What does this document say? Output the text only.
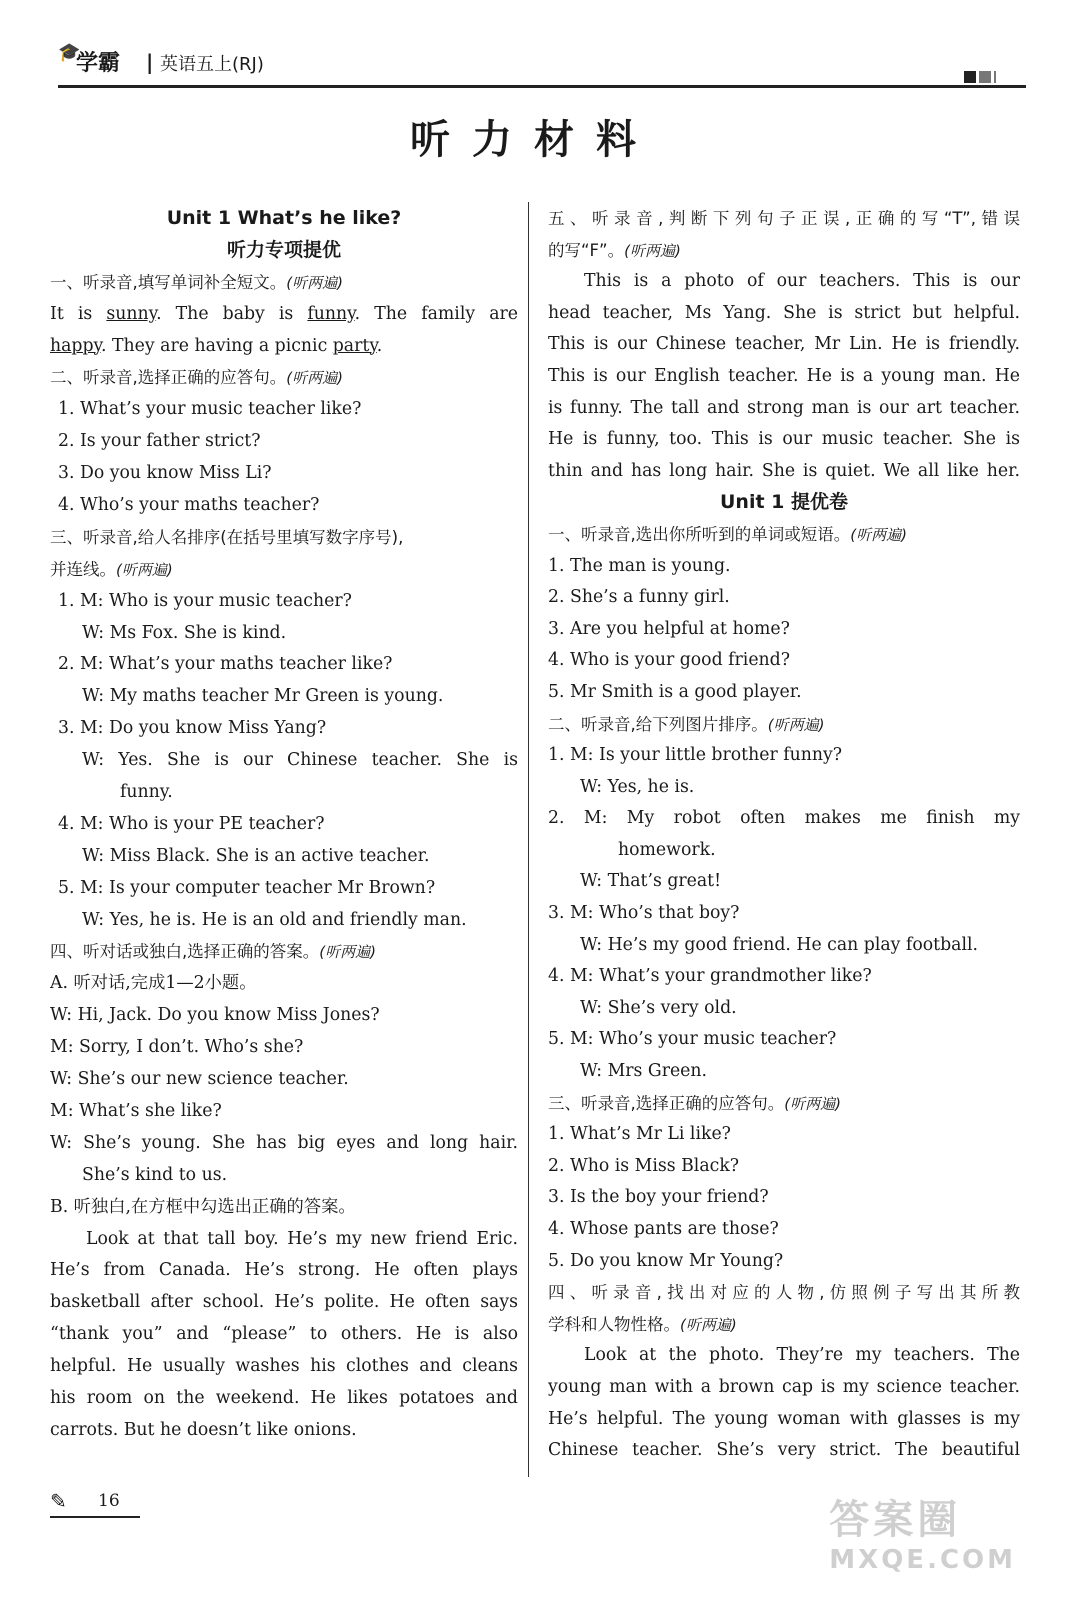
🎓
学霸 | 英语五上(RJ)
听力材料
Unit 1 What’s he like?
听力专项提优
一、听录音,填写单词补全短文。(听两遍)
It is sunny. The baby is funny. The family are
happy. They are having a picnic party.
二、听录音,选择正确的应答句。(听两遍)
1. What’s your music teacher like?
2. Is your father strict?
3. Do you know Miss Li?
4. Who’s your maths teacher?
三、听录音,给人名排序(在括号里填写数字序号),
并连线。(听两遍)
1. M: Who is your music teacher?
W: Ms Fox. She is kind.
2. M: What’s your maths teacher like?
W: My maths teacher Mr Green is young.
3. M: Do you know Miss Yang?
W: Yes. She is our Chinese teacher. She is
funny.
4. M: Who is your PE teacher?
W: Miss Black. She is an active teacher.
5. M: Is your computer teacher Mr Brown?
W: Yes, he is. He is an old and friendly man.
四、听对话或独白,选择正确的答案。(听两遍)
A. 听对话,完成1—2小题。
W: Hi, Jack. Do you know Miss Jones?
M: Sorry, I don’t. Who’s she?
W: She’s our new science teacher.
M: What’s she like?
W: She’s young. She has big eyes and long hair.
She’s kind to us.
B. 听独白,在方框中勾选出正确的答案。
Look at that tall boy. He’s my new friend Eric.
He’s from Canada. He’s strong. He often plays
basketball after school. He’s polite. He often says
“thank you” and “please” to others. He is also
helpful. He usually washes his clothes and cleans
his room on the weekend. He likes potatoes and
carrots. But he doesn’t like onions.
五、听录音,判断下列句子正误,正确的写“T”,错误
的写“F”。(听两遍)
This is a photo of our teachers. This is our
head teacher, Ms Yang. She is strict but helpful.
This is our Chinese teacher, Mr Lin. He is friendly.
This is our English teacher. He is a young man. He
is funny. The tall and strong man is our art teacher.
He is funny, too. This is our music teacher. She is
thin and has long hair. She is quiet. We all like her.
Unit 1 提优卷
一、听录音,选出你所听到的单词或短语。(听两遍)
1. The man is young.
2. She’s a funny girl.
3. Are you helpful at home?
4. Who is your good friend?
5. Mr Smith is a good player.
二、听录音,给下列图片排序。(听两遍)
1. M: Is your little brother funny?
W: Yes, he is.
2. M: My robot often makes me finish my
homework.
W: That’s great!
3. M: Who’s that boy?
W: He’s my good friend. He can play football.
4. M: What’s your grandmother like?
W: She’s very old.
5. M: Who’s your music teacher?
W: Mrs Green.
三、听录音,选择正确的应答句。(听两遍)
1. What’s Mr Li like?
2. Who is Miss Black?
3. Is the boy your friend?
4. Whose pants are those?
5. Do you know Mr Young?
四、听录音,找出对应的人物,仿照例子写出其所教
学科和人物性格。(听两遍)
Look at the photo. They’re my teachers. The
young man with a brown cap is my science teacher.
He’s helpful. The young woman with glasses is my
Chinese teacher. She’s very strict. The beautiful
✎ 16	答案圈
MXQE.COM
